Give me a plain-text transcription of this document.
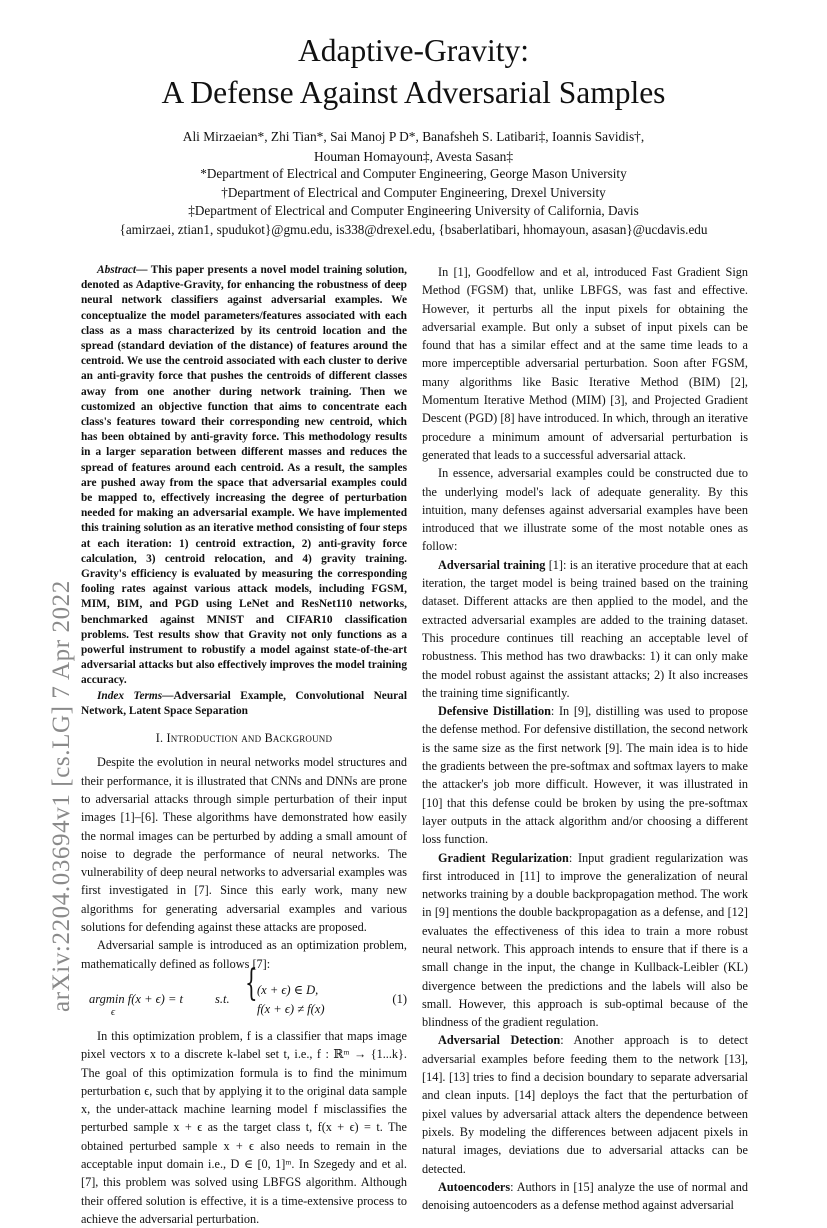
Adaptive-Gravity:
A Defense Against Adversarial Samples
Ali Mirzaeian*, Zhi Tian*, Sai Manoj P D*, Banafsheh S. Latibari‡, Ioannis Savidis†,
Houman Homayoun‡, Avesta Sasan‡
*Department of Electrical and Computer Engineering, George Mason University
†Department of Electrical and Computer Engineering, Drexel University
‡Department of Electrical and Computer Engineering University of California, Davis
{amirzaei, ztian1, spudukot}@gmu.edu, is338@drexel.edu, {bsaberlatibari, hhomayoun, asasan}@ucdavis.edu
arXiv:2204.03694v1 [cs.LG] 7 Apr 2022

Abstract— This paper presents a novel model training solution, denoted as Adaptive-Gravity, for enhancing the robustness of deep neural network classifiers against adversarial examples. We conceptualize the model parameters/features associated with each class as a mass characterized by its centroid location and the spread (standard deviation of the distance) of features around the centroid. We use the centroid associated with each cluster to derive an anti-gravity force that pushes the centroids of different classes away from one another during network training. Then we customized an objective function that aims to concentrate each class's features toward their corresponding new centroid, which has been obtained by anti-gravity force. This methodology results in a larger separation between different masses and reduces the spread of features around each centroid. As a result, the samples are pushed away from the space that adversarial examples could be mapped to, effectively increasing the degree of perturbation needed for making an adversarial example. We have implemented this training solution as an iterative method consisting of four steps at each iteration: 1) centroid extraction, 2) anti-gravity force calculation, 3) centroid relocation, and 4) gravity training. Gravity's efficiency is evaluated by measuring the corresponding fooling rates against various attack models, including FGSM, MIM, BIM, and PGD using LeNet and ResNet110 networks, benchmarked against MNIST and CIFAR10 classification problems. Test results show that Gravity not only functions as a powerful instrument to robustify a model against state-of-the-art adversarial attacks but also effectively improves the model training accuracy.

Index Terms—Adversarial Example, Convolutional Neural Network, Latent Space Separation

I. Introduction and Background

Despite the evolution in neural networks model structures and their performance, it is illustrated that CNNs and DNNs are prone to adversarial attacks through simple perturbation of their input images [1]–[6]. These algorithms have demonstrated how easily the normal images can be perturbed by adding a small amount of noise to degrade the performance of neural networks. The vulnerability of deep neural networks to adversarial examples was first investigated in [7]. Since this early work, many new algorithms for generating adversarial examples and various solutions for defending against these attacks are proposed.

Adversarial sample is introduced as an optimization problem, mathematically defined as follows [7]:

argmin f(x + ϵ) = t
ϵ
s.t. { (x + ϵ) ∈ D,
f(x + ϵ) ≠ f(x)
(1)

In this optimization problem, f is a classifier that maps image pixel vectors x to a discrete k-label set t, i.e., f : ℝᵐ → {1...k}. The goal of this optimization formula is to find the minimum perturbation ϵ, such that by applying it to the original data sample x, the under-attack machine learning model f misclassifies the perturbed sample x + ϵ as the target class t, f(x + ϵ) = t. The obtained perturbed sample x + ϵ also needs to remain in the acceptable input domain i.e., D ∈ [0, 1]ᵐ. In Szegedy and et al. [7], this problem was solved using LBFGS algorithm. Although their offered solution is effective, it is a time-extensive process to achieve the adversarial perturbation.

In [1], Goodfellow and et al, introduced Fast Gradient Sign Method (FGSM) that, unlike LBFGS, was fast and effective. However, it perturbs all the input pixels for obtaining the adversarial example. But only a subset of input pixels can be found that has a similar effect and at the same time leads to a more imperceptible adversarial perturbation. Soon after FGSM, many algorithms like Basic Iterative Method (BIM) [2], Momentum Iterative Method (MIM) [3], and Projected Gradient Descent (PGD) [8] have introduced. In which, through an iterative procedure a minimum amount of adversarial perturbation is generated that leads to a successful adversarial attack.

In essence, adversarial examples could be constructed due to the underlying model's lack of adequate generality. By this intuition, many defenses against adversarial examples have been introduced that we illustrate some of the most notable ones as follow:

Adversarial training [1]: is an iterative procedure that at each iteration, the target model is being trained based on the training dataset. Different attacks are then applied to the model, and the extracted adversarial examples are added to the training dataset. This procedure continues till reaching an acceptable level of robustness. This method has two drawbacks: 1) it can only make the model robust against the assistant attacks; 2) It also increases the training time significantly.

Defensive Distillation: In [9], distilling was used to propose the defense method. For defensive distillation, the second network is the same size as the first network [9]. The main idea is to hide the gradients between the pre-softmax and softmax layers to make the attacker's job more difficult. However, it was illustrated in [10] that this defense could be broken by using the pre-softmax layer outputs in the attack algorithm and/or choosing a different loss function.

Gradient Regularization: Input gradient regularization was first introduced in [11] to improve the generalization of neural networks training by a double backpropagation method. The work in [9] mentions the double backpropagation as a defense, and [12] evaluates the effectiveness of this idea to train a more robust neural network. This approach intends to ensure that if there is a small change in the input, the change in Kullback-Leibler (KL) divergence between the predictions and the labels will also be small. However, this approach is sub-optimal because of the blindness of the gradient regulation.

Adversarial Detection: Another approach is to detect adversarial examples before feeding them to the network [13], [14]. [13] tries to find a decision boundary to separate adversarial and clean inputs. [14] deploys the fact that the perturbation of pixel values by adversarial attack alters the dependence between pixels. By modeling the differences between adjacent pixels in natural images, deviations due to adversarial attacks can be detected.

Autoencoders: Authors in [15] analyze the use of normal and denoising autoencoders as a defense method against adversarial
